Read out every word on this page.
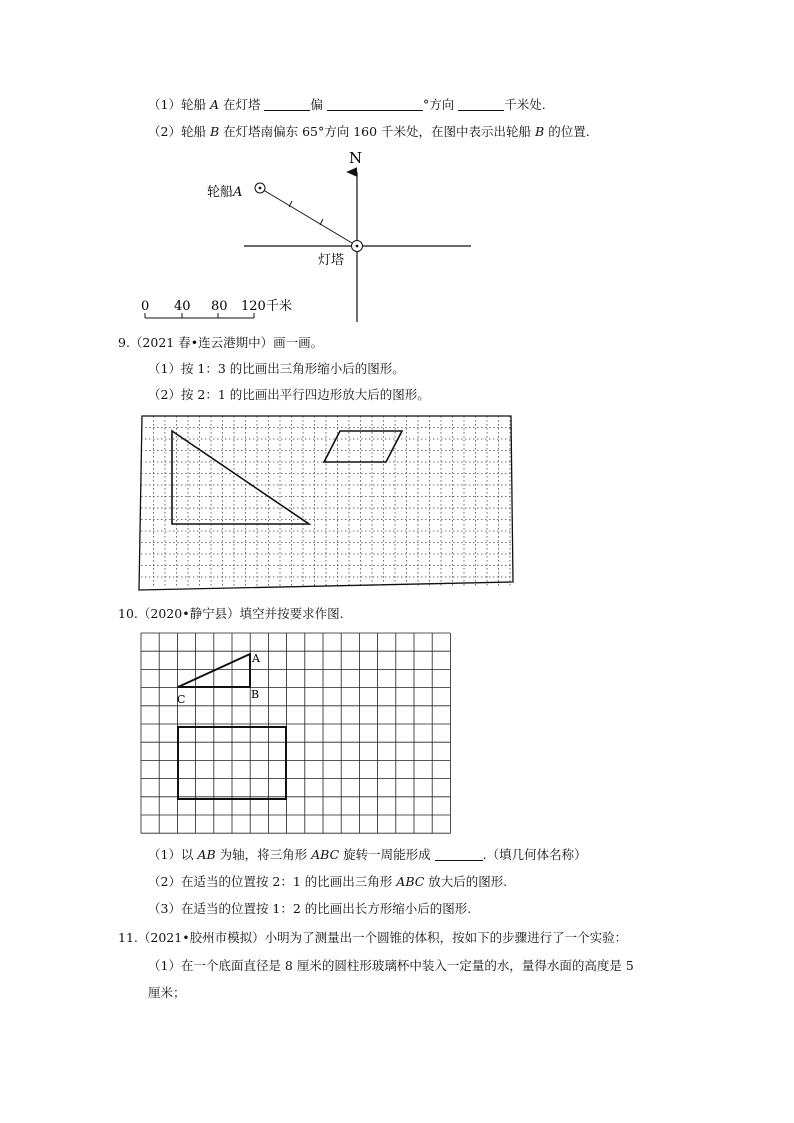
（1）轮船 A 在灯塔	偏	°方向	千米处.
（2）轮船 B 在灯塔南偏东 65°方向 160 千米处，在图中表示出轮船 B 的位置.
N
轮船A
灯塔
0 40 80 120 千米
9.（2021 春•连云港期中）画一画。
（1）按 1：3 的比画出三角形缩小后的图形。
（2）按 2：1 的比画出平行四边形放大后的图形。
10.（2020•静宁县）填空并按要求作图.
A
B
C
（1）以 AB 为轴，将三角形 ABC 旋转一周能形成	.（填几何体名称）
（2）在适当的位置按 2：1 的比画出三角形 ABC 放大后的图形.
（3）在适当的位置按 1：2 的比画出长方形缩小后的图形.
11.（2021•胶州市模拟）小明为了测量出一个圆锥的体积，按如下的步骤进行了一个实验：
（1）在一个底面直径是 8 厘米的圆柱形玻璃杯中装入一定量的水，量得水面的高度是 5
厘米；
